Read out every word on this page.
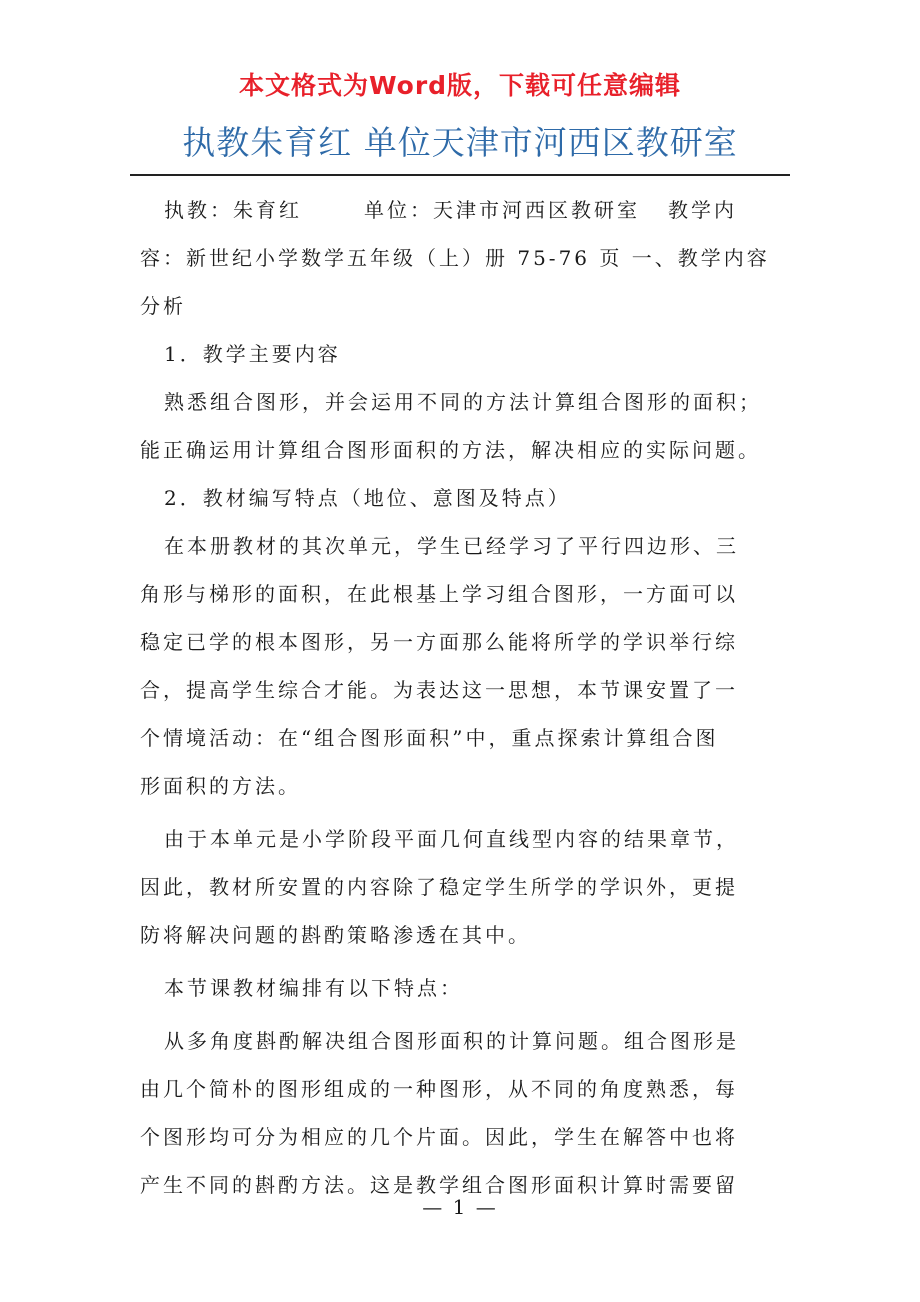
本文格式为Word版，下载可任意编辑
执教朱育红 单位天津市河西区教研室
执教：朱育红	单位：天津市河西区教研室 教学内
容：新世纪小学数学五年级（上）册 75-76 页 一、教学内容
分析
1．教学主要内容
熟悉组合图形，并会运用不同的方法计算组合图形的面积；
能正确运用计算组合图形面积的方法，解决相应的实际问题。
2．教材编写特点（地位、意图及特点）
在本册教材的其次单元，学生已经学习了平行四边形、三
角形与梯形的面积，在此根基上学习组合图形，一方面可以
稳定已学的根本图形，另一方面那么能将所学的学识举行综
合，提高学生综合才能。为表达这一思想，本节课安置了一
个情境活动：在“组合图形面积”中，重点探索计算组合图
形面积的方法。
由于本单元是小学阶段平面几何直线型内容的结果章节，
因此，教材所安置的内容除了稳定学生所学的学识外，更提
防将解决问题的斟酌策略渗透在其中。
本节课教材编排有以下特点：
从多角度斟酌解决组合图形面积的计算问题。组合图形是
由几个简朴的图形组成的一种图形，从不同的角度熟悉，每
个图形均可分为相应的几个片面。因此，学生在解答中也将
产生不同的斟酌方法。这是教学组合图形面积计算时需要留
— 1 —
